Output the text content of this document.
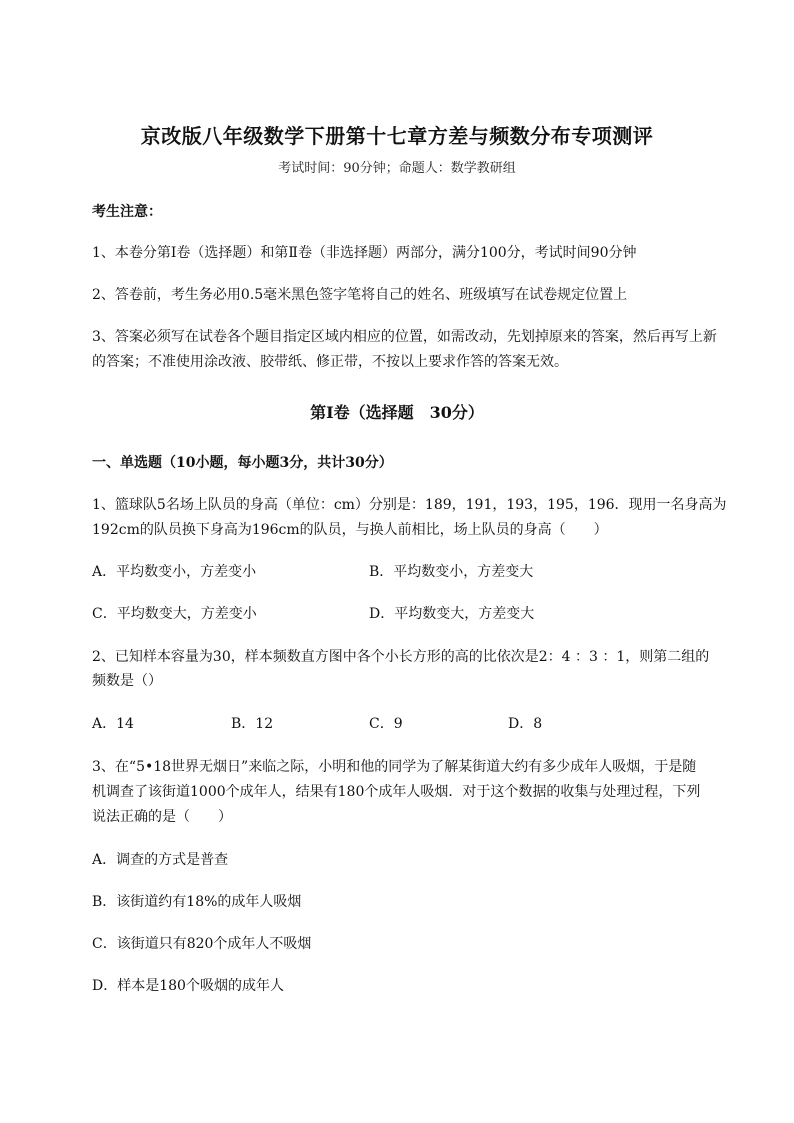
京改版八年级数学下册第十七章方差与频数分布专项测评
考试时间：90分钟；命题人：数学教研组
考生注意：
1、本卷分第I卷（选择题）和第Ⅱ卷（非选择题）两部分，满分100分，考试时间90分钟
2、答卷前，考生务必用0.5毫米黑色签字笔将自己的姓名、班级填写在试卷规定位置上
3、答案必须写在试卷各个题目指定区域内相应的位置，如需改动，先划掉原来的答案，然后再写上新
的答案；不准使用涂改液、胶带纸、修正带，不按以上要求作答的答案无效。
第I卷（选择题　30分）
一、单选题（10小题，每小题3分，共计30分）
1、篮球队5名场上队员的身高（单位：cm）分别是：189，191，193，195，196．现用一名身高为
192cm的队员换下身高为196cm的队员，与换人前相比，场上队员的身高（　　）
A．平均数变小，方差变小	B．平均数变小，方差变大
C．平均数变大，方差变小	D．平均数变大，方差变大
2、已知样本容量为30，样本频数直方图中各个小长方形的高的比依次是2：4 ：3 ：1，则第二组的
频数是（）
A．14	B．12	C．9	D．8
3、在“5•18世界无烟日”来临之际，小明和他的同学为了解某街道大约有多少成年人吸烟，于是随
机调查了该街道1000个成年人，结果有180个成年人吸烟．对于这个数据的收集与处理过程，下列
说法正确的是（　　）
A．调查的方式是普查
B．该街道约有18%的成年人吸烟
C．该街道只有820个成年人不吸烟
D．样本是180个吸烟的成年人
